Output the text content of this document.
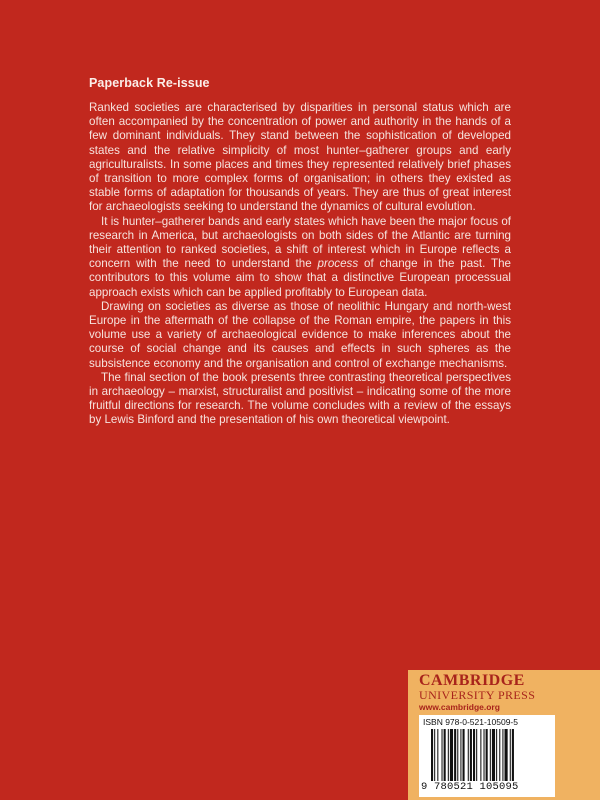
Paperback Re-issue

Ranked societies are characterised by disparities in personal status which are often accompanied by the concentration of power and authority in the hands of a few dominant individuals. They stand between the sophistication of developed states and the relative simplicity of most hunter–gatherer groups and early agriculturalists. In some places and times they represented relatively brief phases of transition to more complex forms of organisation; in others they existed as stable forms of adaptation for thousands of years. They are thus of great interest for archaeologists seeking to understand the dynamics of cultural evolution.

It is hunter–gatherer bands and early states which have been the major focus of research in America, but archaeologists on both sides of the Atlantic are turning their attention to ranked societies, a shift of interest which in Europe reflects a concern with the need to understand the process of change in the past. The contributors to this volume aim to show that a distinctive European processual approach exists which can be applied profitably to European data.

Drawing on societies as diverse as those of neolithic Hungary and north-west Europe in the aftermath of the collapse of the Roman empire, the papers in this volume use a variety of archaeological evidence to make inferences about the course of social change and its causes and effects in such spheres as the subsistence economy and the organisation and control of exchange mechanisms.

The final section of the book presents three contrasting theoretical perspectives in archaeology – marxist, structuralist and positivist – indicating some of the more fruitful directions for research. The volume concludes with a review of the essays by Lewis Binford and the presentation of his own theoretical viewpoint.

CAMBRIDGE
UNIVERSITY PRESS
www.cambridge.org
ISBN 978-0-521-10509-5
9 780521 105095
